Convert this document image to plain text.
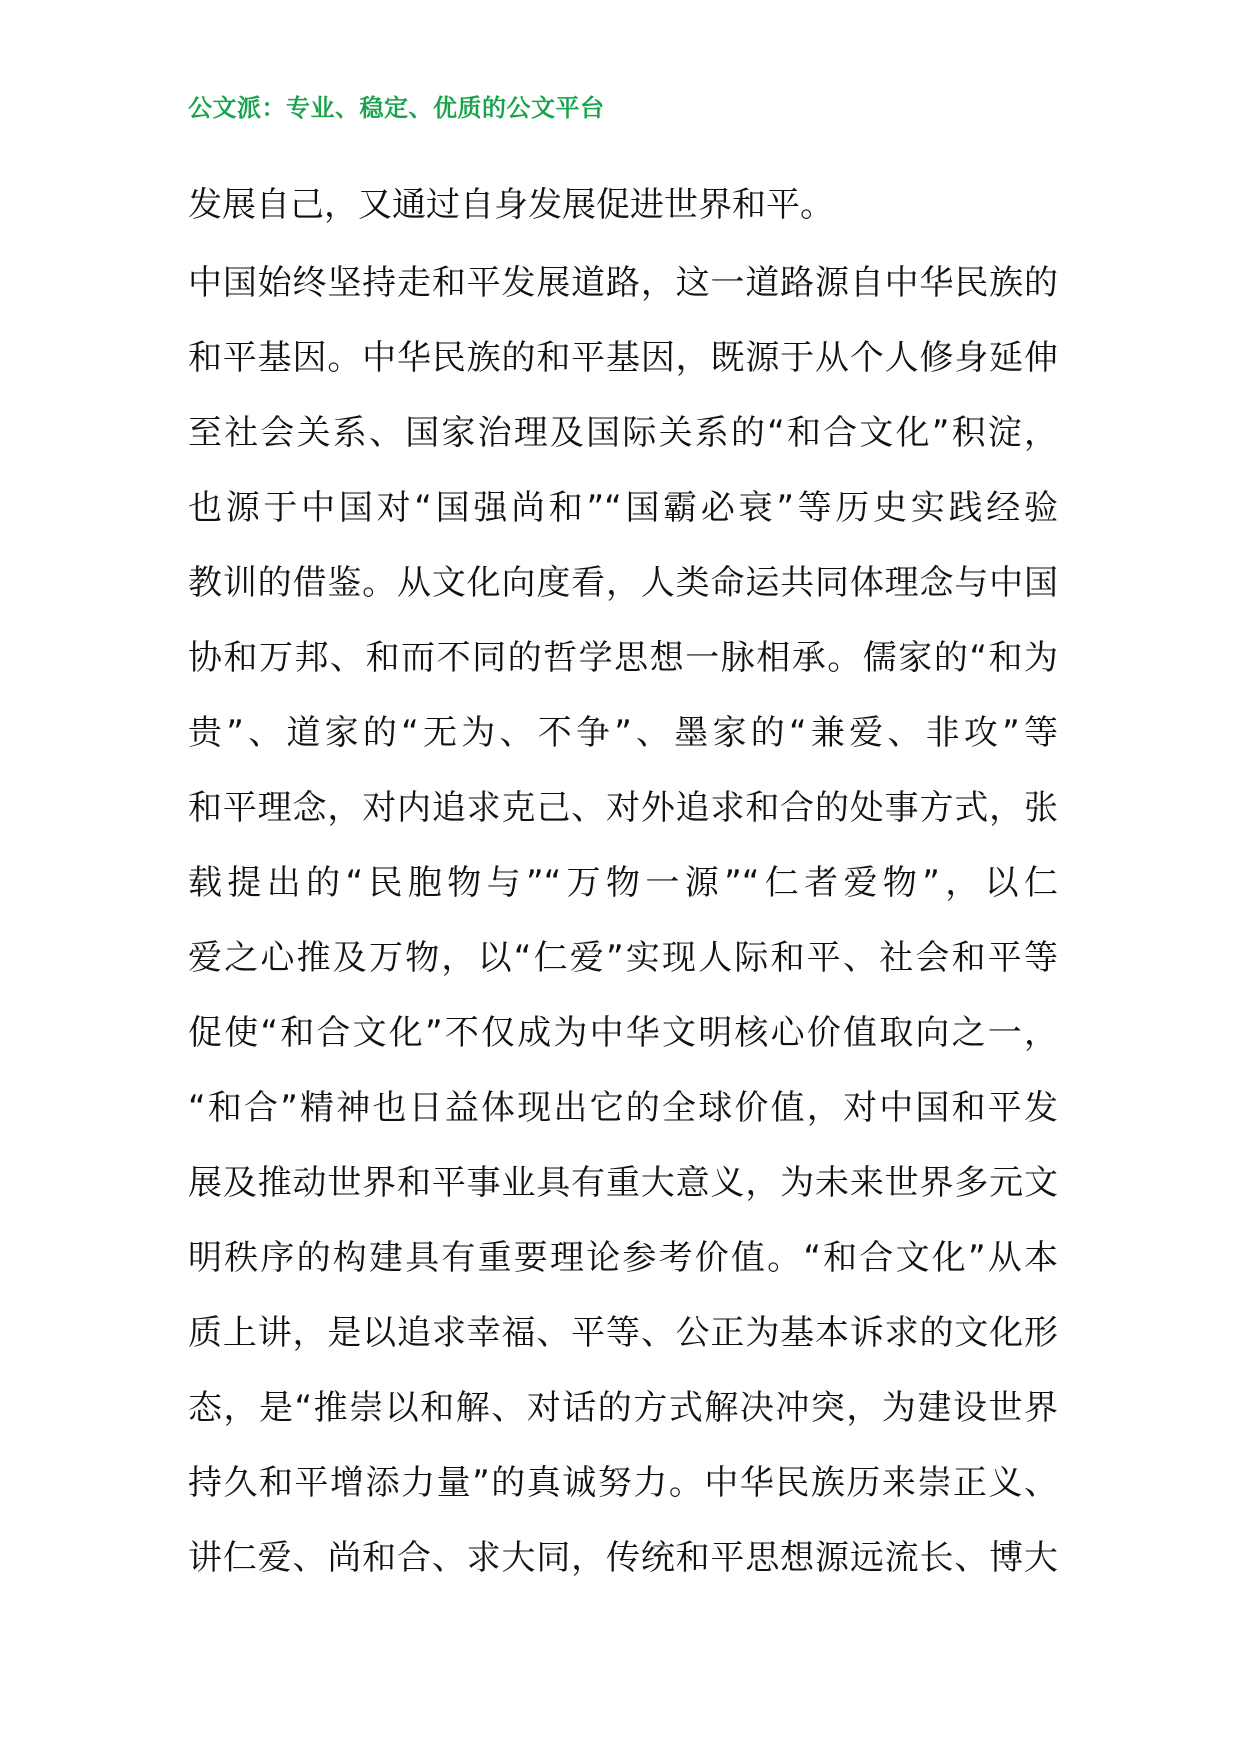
公文派：专业、稳定、优质的公文平台
发展自己，又通过自身发展促进世界和平。
中国始终坚持走和平发展道路，这一道路源自中华民族的
和平基因。中华民族的和平基因，既源于从个人修身延伸
至社会关系、国家治理及国际关系的“和合文化”积淀，
也源于中国对“国强尚和”“国霸必衰”等历史实践经验
教训的借鉴。从文化向度看，人类命运共同体理念与中国
协和万邦、和而不同的哲学思想一脉相承。儒家的“和为
贵”、道家的“无为、不争”、墨家的“兼爱、非攻”等
和平理念，对内追求克己、对外追求和合的处事方式，张
载提出的“民胞物与”“万物一源”“仁者爱物”，以仁
爱之心推及万物，以“仁爱”实现人际和平、社会和平等
促使“和合文化”不仅成为中华文明核心价值取向之一，
“和合”精神也日益体现出它的全球价值，对中国和平发
展及推动世界和平事业具有重大意义，为未来世界多元文
明秩序的构建具有重要理论参考价值。“和合文化”从本
质上讲，是以追求幸福、平等、公正为基本诉求的文化形
态，是“推崇以和解、对话的方式解决冲突，为建设世界
持久和平增添力量”的真诚努力。中华民族历来崇正义、
讲仁爱、尚和合、求大同，传统和平思想源远流长、博大
